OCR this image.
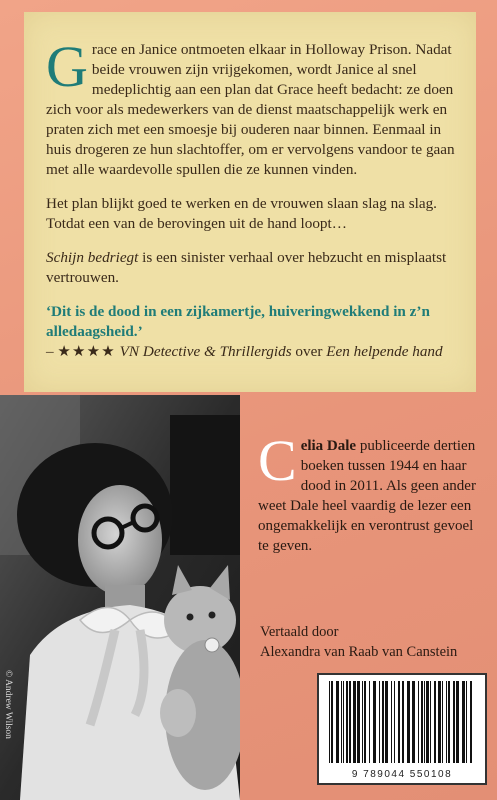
Grace en Janice ontmoeten elkaar in Holloway Prison. Nadat beide vrouwen zijn vrijgekomen, wordt Janice al snel medeplichtig aan een plan dat Grace heeft bedacht: ze doen zich voor als medewerkers van de dienst maatschappelijk werk en praten zich met een smoesje bij ouderen naar binnen. Eenmaal in huis drogeren ze hun slachtoffer, om er vervolgens vandoor te gaan met alle waardevolle spullen die ze kunnen vinden.

Het plan blijkt goed te werken en de vrouwen slaan slag na slag. Totdat een van de berovingen uit de hand loopt…

Schijn bedriegt is een sinister verhaal over hebzucht en misplaatst vertrouwen.

‘Dit is de dood in een zijkamertje, huiveringwekkend in z’n alledaagsheid.’

– ★★★★ VN Detective & Thrillergids over Een helpende hand

© Andrew Wilson
Celia Dale publiceerde dertien boeken tussen 1944 en haar dood in 2011. Als geen ander weet Dale heel vaardig de lezer een ongemakkelijk en verontrust gevoel te geven.
Vertaald door
Alexandra van Raab van Canstein
9 789044 550108
